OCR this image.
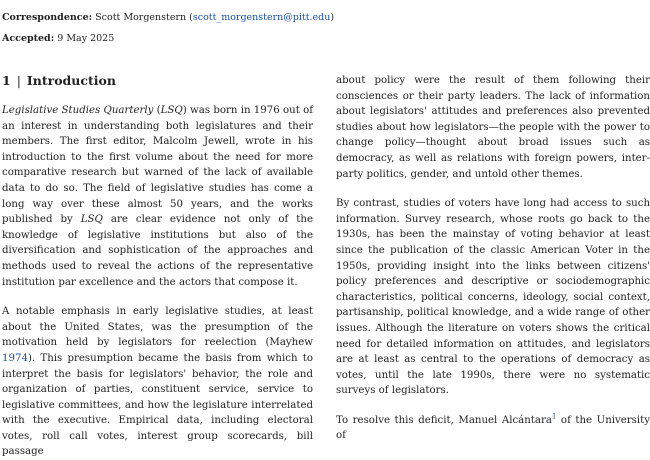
Correspondence: Scott Morgenstern (scott_morgenstern@pitt.edu)
Accepted: 9 May 2025
1 | Introduction

Legislative Studies Quarterly (LSQ) was born in 1976 out of an interest in understanding both legislatures and their members. The first editor, Malcolm Jewell, wrote in his introduction to the first volume about the need for more comparative research but warned of the lack of available data to do so. The field of legislative studies has come a long way over these almost 50 years, and the works published by LSQ are clear evidence not only of the knowledge of legislative institutions but also of the diversification and sophistication of the approaches and methods used to reveal the actions of the representative institution par excellence and the actors that compose it.

A notable emphasis in early legislative studies, at least about the United States, was the presumption of the motivation held by legislators for reelection (Mayhew 1974). This presumption became the basis from which to interpret the basis for legislators' behavior, the role and organization of parties, constituent service, service to legislative committees, and how the legislature interrelated with the executive. Empirical data, including electoral votes, roll call votes, interest group scorecards, bill passage

about policy were the result of them following their consciences or their party leaders. The lack of information about legislators' attitudes and preferences also prevented studies about how legislators—the people with the power to change policy—thought about broad issues such as democracy, as well as relations with foreign powers, inter-party politics, gender, and untold other themes.

By contrast, studies of voters have long had access to such information. Survey research, whose roots go back to the 1930s, has been the mainstay of voting behavior at least since the publication of the classic American Voter in the 1950s, providing insight into the links between citizens' policy preferences and descriptive or sociodemographic characteristics, political concerns, ideology, social context, partisanship, political knowledge, and a wide range of other issues. Although the literature on voters shows the critical need for detailed information on attitudes, and legislators are at least as central to the operations of democracy as votes, until the late 1990s, there were no systematic surveys of legislators.

To resolve this deficit, Manuel Alcántara$^1$ of the University of
